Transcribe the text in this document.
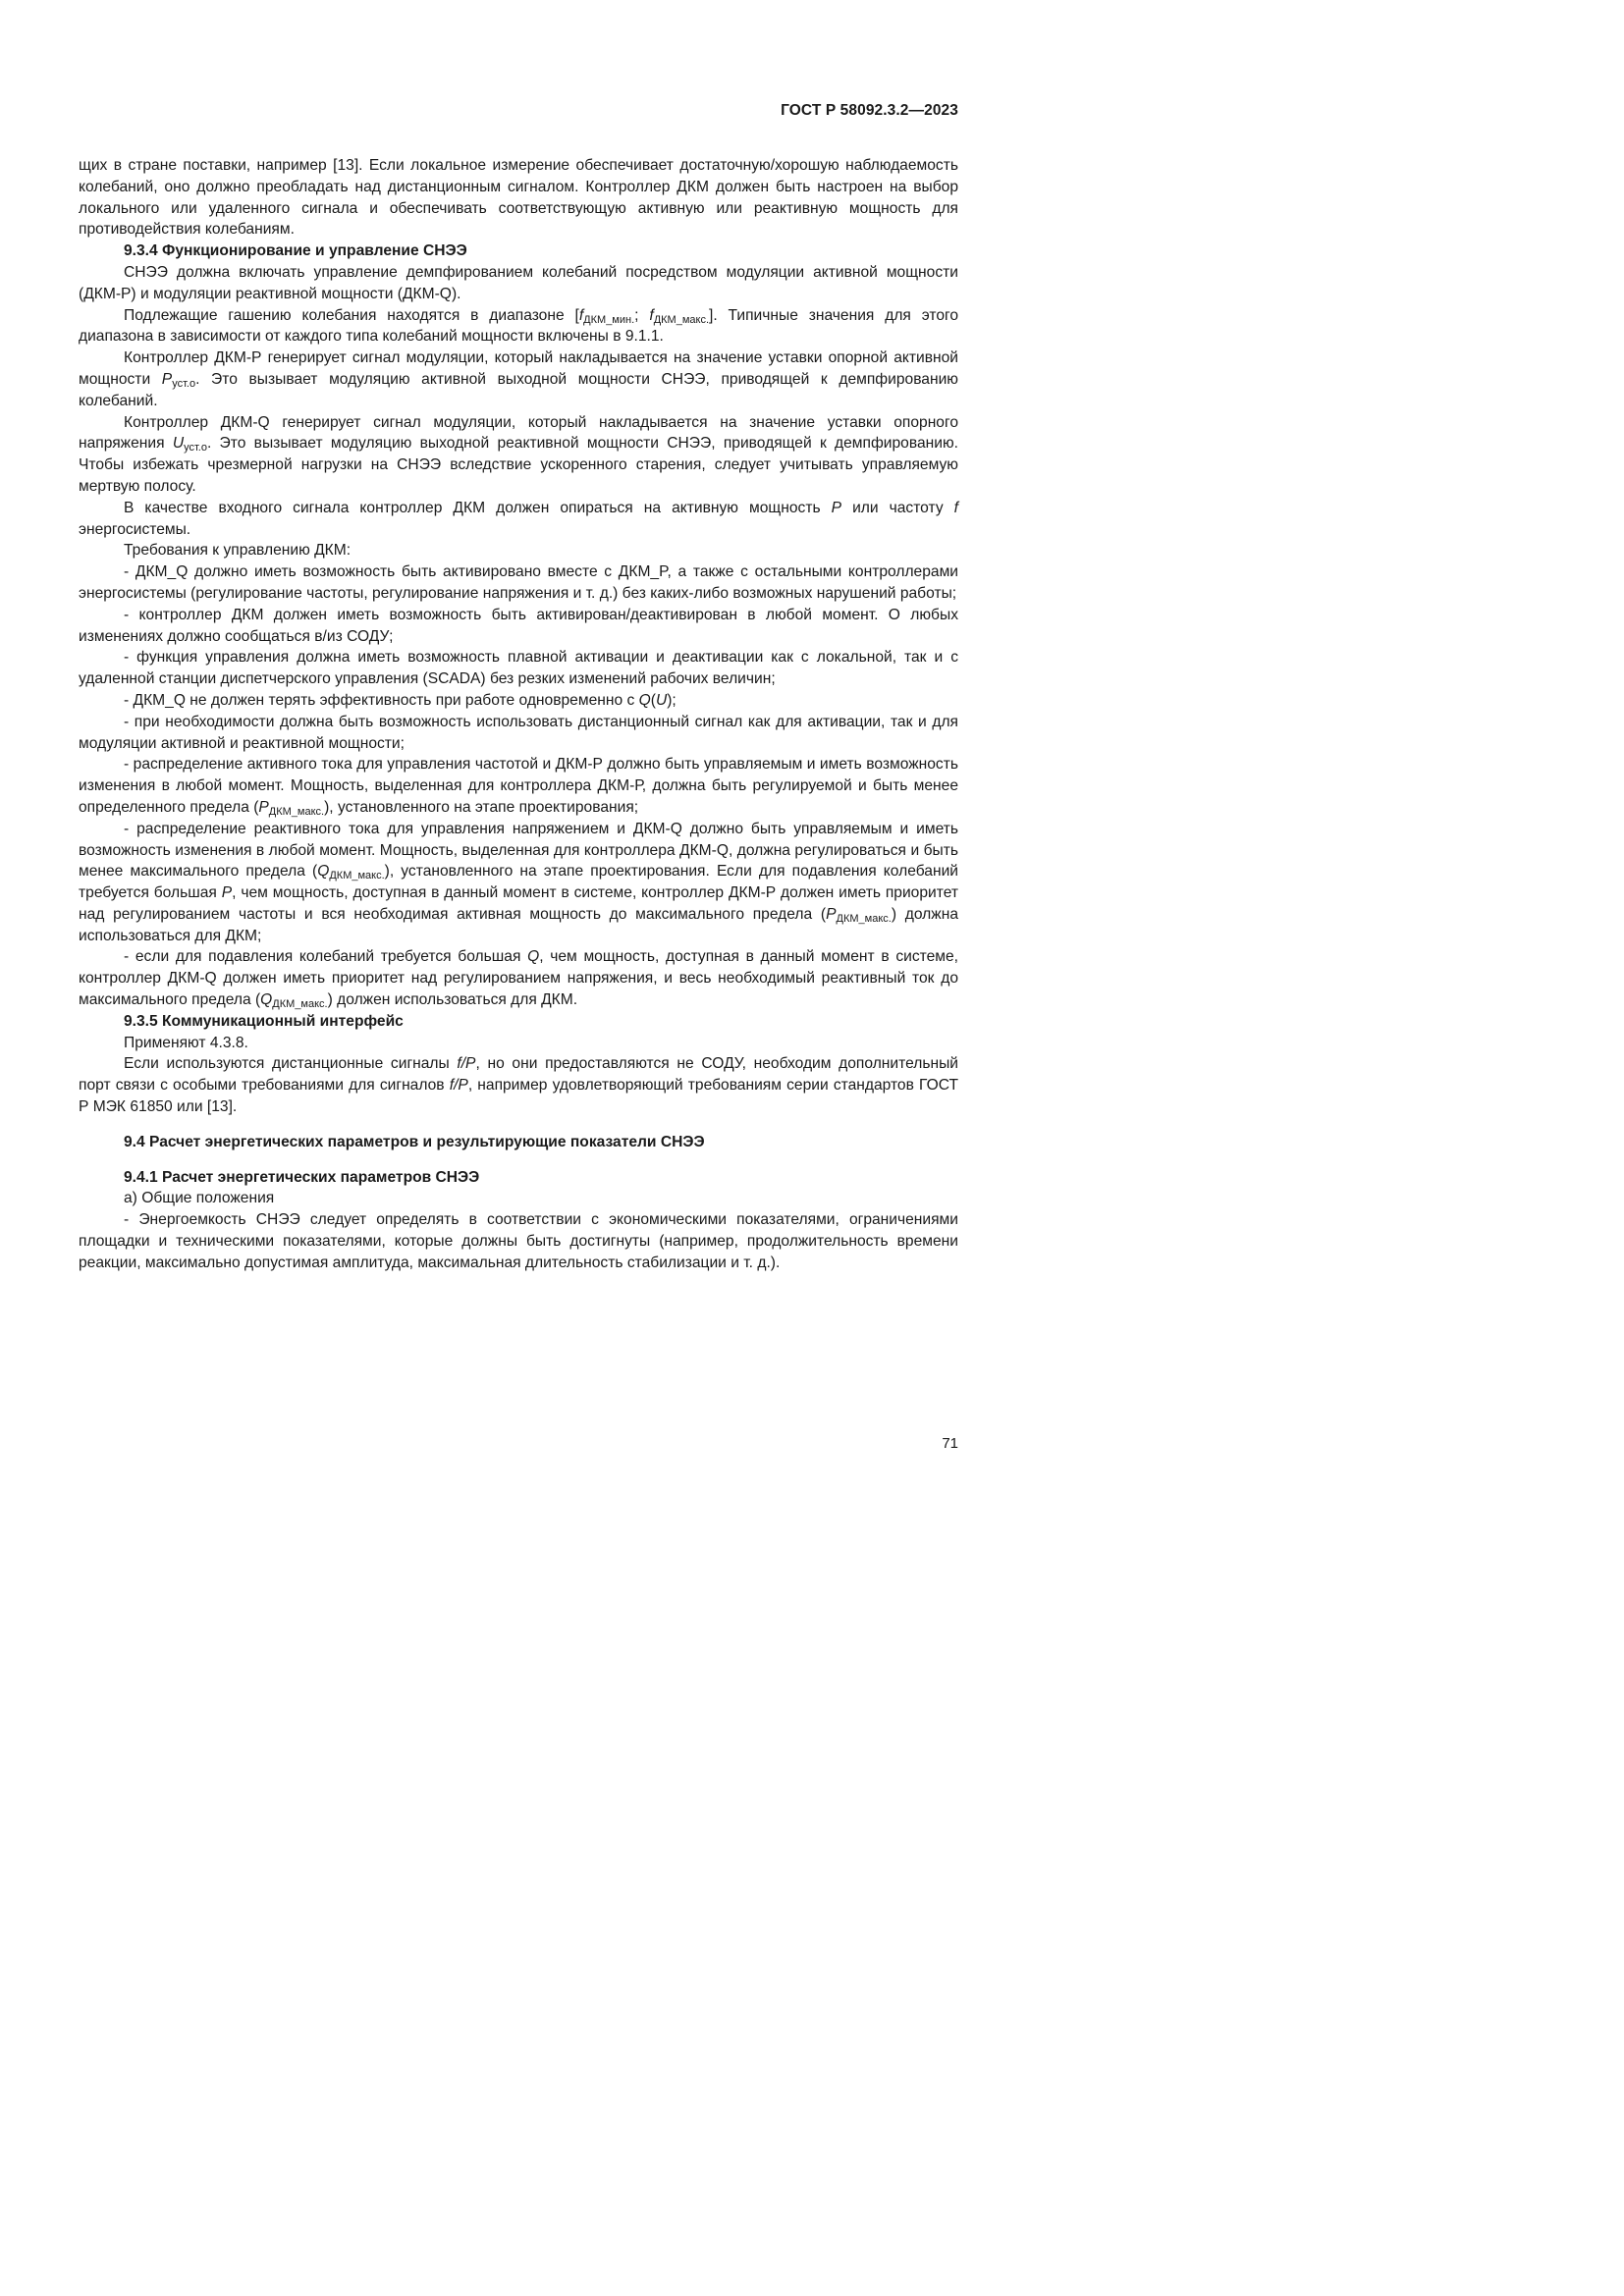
ГОСТ Р 58092.3.2—2023

щих в стране поставки, например [13]. Если локальное измерение обеспечивает достаточную/хорошую наблюдаемость колебаний, оно должно преобладать над дистанционным сигналом. Контроллер ДКМ должен быть настроен на выбор локального или удаленного сигнала и обеспечивать соответствующую активную или реактивную мощность для противодействия колебаниям.

9.3.4 Функционирование и управление СНЭЭ

СНЭЭ должна включать управление демпфированием колебаний посредством модуляции активной мощности (ДКМ-P) и модуляции реактивной мощности (ДКМ-Q).

Подлежащие гашению колебания находятся в диапазоне [$f_{ДКМ\_мин.}$; $f_{ДКМ\_макс.}$]. Типичные значения для этого диапазона в зависимости от каждого типа колебаний мощности включены в 9.1.1.

Контроллер ДКМ-Р генерирует сигнал модуляции, который накладывается на значение уставки опорной активной мощности $P_{уст.о}$. Это вызывает модуляцию активной выходной мощности СНЭЭ, приводящей к демпфированию колебаний.

Контроллер ДКМ-Q генерирует сигнал модуляции, который накладывается на значение уставки опорного напряжения $U_{уст.о}$. Это вызывает модуляцию выходной реактивной мощности СНЭЭ, приводящей к демпфированию. Чтобы избежать чрезмерной нагрузки на СНЭЭ вследствие ускоренного старения, следует учитывать управляемую мертвую полосу.

В качестве входного сигнала контроллер ДКМ должен опираться на активную мощность P или частоту f энергосистемы.

Требования к управлению ДКМ:

- ДКМ_Q должно иметь возможность быть активировано вместе с ДКМ_P, а также с остальными контроллерами энергосистемы (регулирование частоты, регулирование напряжения и т. д.) без каких-либо возможных нарушений работы;

- контроллер ДКМ должен иметь возможность быть активирован/деактивирован в любой момент. О любых изменениях должно сообщаться в/из СОДУ;

- функция управления должна иметь возможность плавной активации и деактивации как с локальной, так и с удаленной станции диспетчерского управления (SCADA) без резких изменений рабочих величин;

- ДКМ_Q не должен терять эффективность при работе одновременно с Q(U);

- при необходимости должна быть возможность использовать дистанционный сигнал как для активации, так и для модуляции активной и реактивной мощности;

- распределение активного тока для управления частотой и ДКМ-Р должно быть управляемым и иметь возможность изменения в любой момент. Мощность, выделенная для контроллера ДКМ-Р, должна быть регулируемой и быть менее определенного предела $(P_{ДКМ\_макс.})$, установленного на этапе проектирования;

- распределение реактивного тока для управления напряжением и ДКМ-Q должно быть управляемым и иметь возможность изменения в любой момент. Мощность, выделенная для контроллера ДКМ-Q, должна регулироваться и быть менее максимального предела $(Q_{ДКМ\_макс.})$, установленного на этапе проектирования. Если для подавления колебаний требуется большая P, чем мощность, доступная в данный момент в системе, контроллер ДКМ-Р должен иметь приоритет над регулированием частоты и вся необходимая активная мощность до максимального предела $(P_{ДКМ\_макс.})$ должна использоваться для ДКМ;

- если для подавления колебаний требуется большая Q, чем мощность, доступная в данный момент в системе, контроллер ДКМ-Q должен иметь приоритет над регулированием напряжения, и весь необходимый реактивный ток до максимального предела $(Q_{ДКМ\_макс.})$ должен использоваться для ДКМ.

9.3.5 Коммуникационный интерфейс

Применяют 4.3.8.

Если используются дистанционные сигналы f/P, но они предоставляются не СОДУ, необходим дополнительный порт связи с особыми требованиями для сигналов f/P, например удовлетворяющий требованиям серии стандартов ГОСТ Р МЭК 61850 или [13].

9.4 Расчет энергетических параметров и результирующие показатели СНЭЭ

9.4.1 Расчет энергетических параметров СНЭЭ

а) Общие положения

- Энергоемкость СНЭЭ следует определять в соответствии с экономическими показателями, ограничениями площадки и техническими показателями, которые должны быть достигнуты (например, продолжительность времени реакции, максимально допустимая амплитуда, максимальная длительность стабилизации и т. д.).

71
